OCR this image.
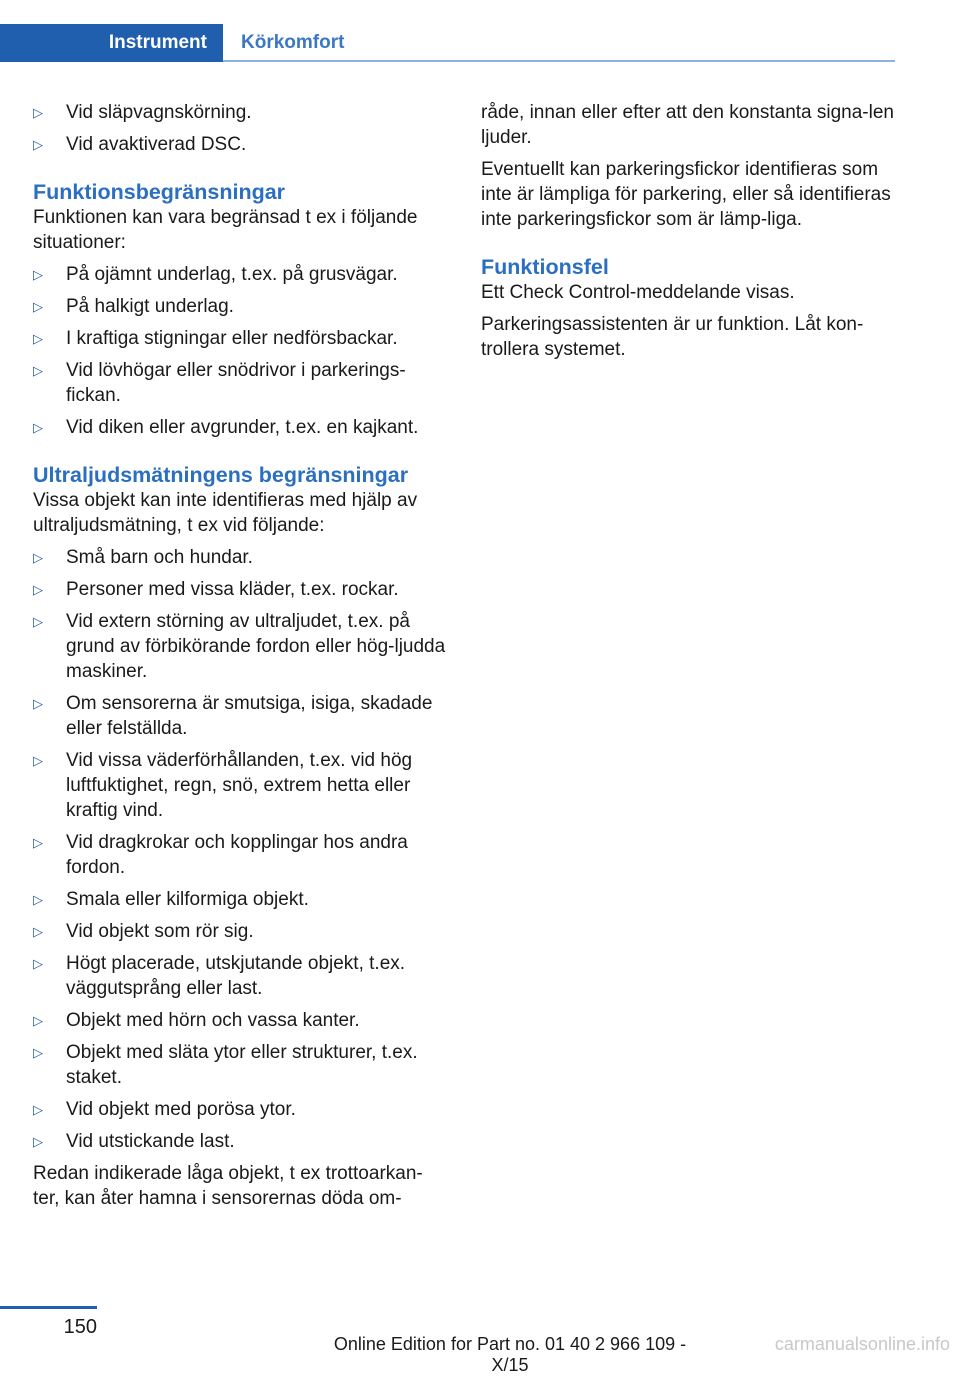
Instrument	Körkomfort
▷ Vid släpvagnskörning.
▷ Vid avaktiverad DSC.
Funktionsbegränsningar

Funktionen kan vara begränsad t ex i följande situationer:

▷ På ojämnt underlag, t.ex. på grusvägar.
▷ På halkigt underlag.
▷ I kraftiga stigningar eller nedförsbackar.
▷ Vid lövhögar eller snödrivor i parkerings-fickan.
▷ Vid diken eller avgrunder, t.ex. en kajkant.
Ultraljudsmätningens begränsningar

Vissa objekt kan inte identifieras med hjälp av ultraljudsmätning, t ex vid följande:

▷ Små barn och hundar.
▷ Personer med vissa kläder, t.ex. rockar.
▷ Vid extern störning av ultraljudet, t.ex. på grund av förbikörande fordon eller hög-ljudda maskiner.
▷ Om sensorerna är smutsiga, isiga, skadade eller felställda.
▷ Vid vissa väderförhållanden, t.ex. vid hög luftfuktighet, regn, snö, extrem hetta eller kraftig vind.
▷ Vid dragkrokar och kopplingar hos andra fordon.
▷ Smala eller kilformiga objekt.
▷ Vid objekt som rör sig.
▷ Högt placerade, utskjutande objekt, t.ex. väggutsprång eller last.
▷ Objekt med hörn och vassa kanter.
▷ Objekt med släta ytor eller strukturer, t.ex. staket.
▷ Vid objekt med porösa ytor.
▷ Vid utstickande last.

Redan indikerade låga objekt, t ex trottoarkan-ter, kan åter hamna i sensorernas döda om-

råde, innan eller efter att den konstanta signa-len ljuder.

Eventuellt kan parkeringsfickor identifieras som inte är lämpliga för parkering, eller så identifieras inte parkeringsfickor som är lämp-liga.

Funktionsfel

Ett Check Control-meddelande visas.

Parkeringsassistenten är ur funktion. Låt kon-trollera systemet.

150
Online Edition for Part no. 01 40 2 966 109 - X/15
carmanualsonline.info
